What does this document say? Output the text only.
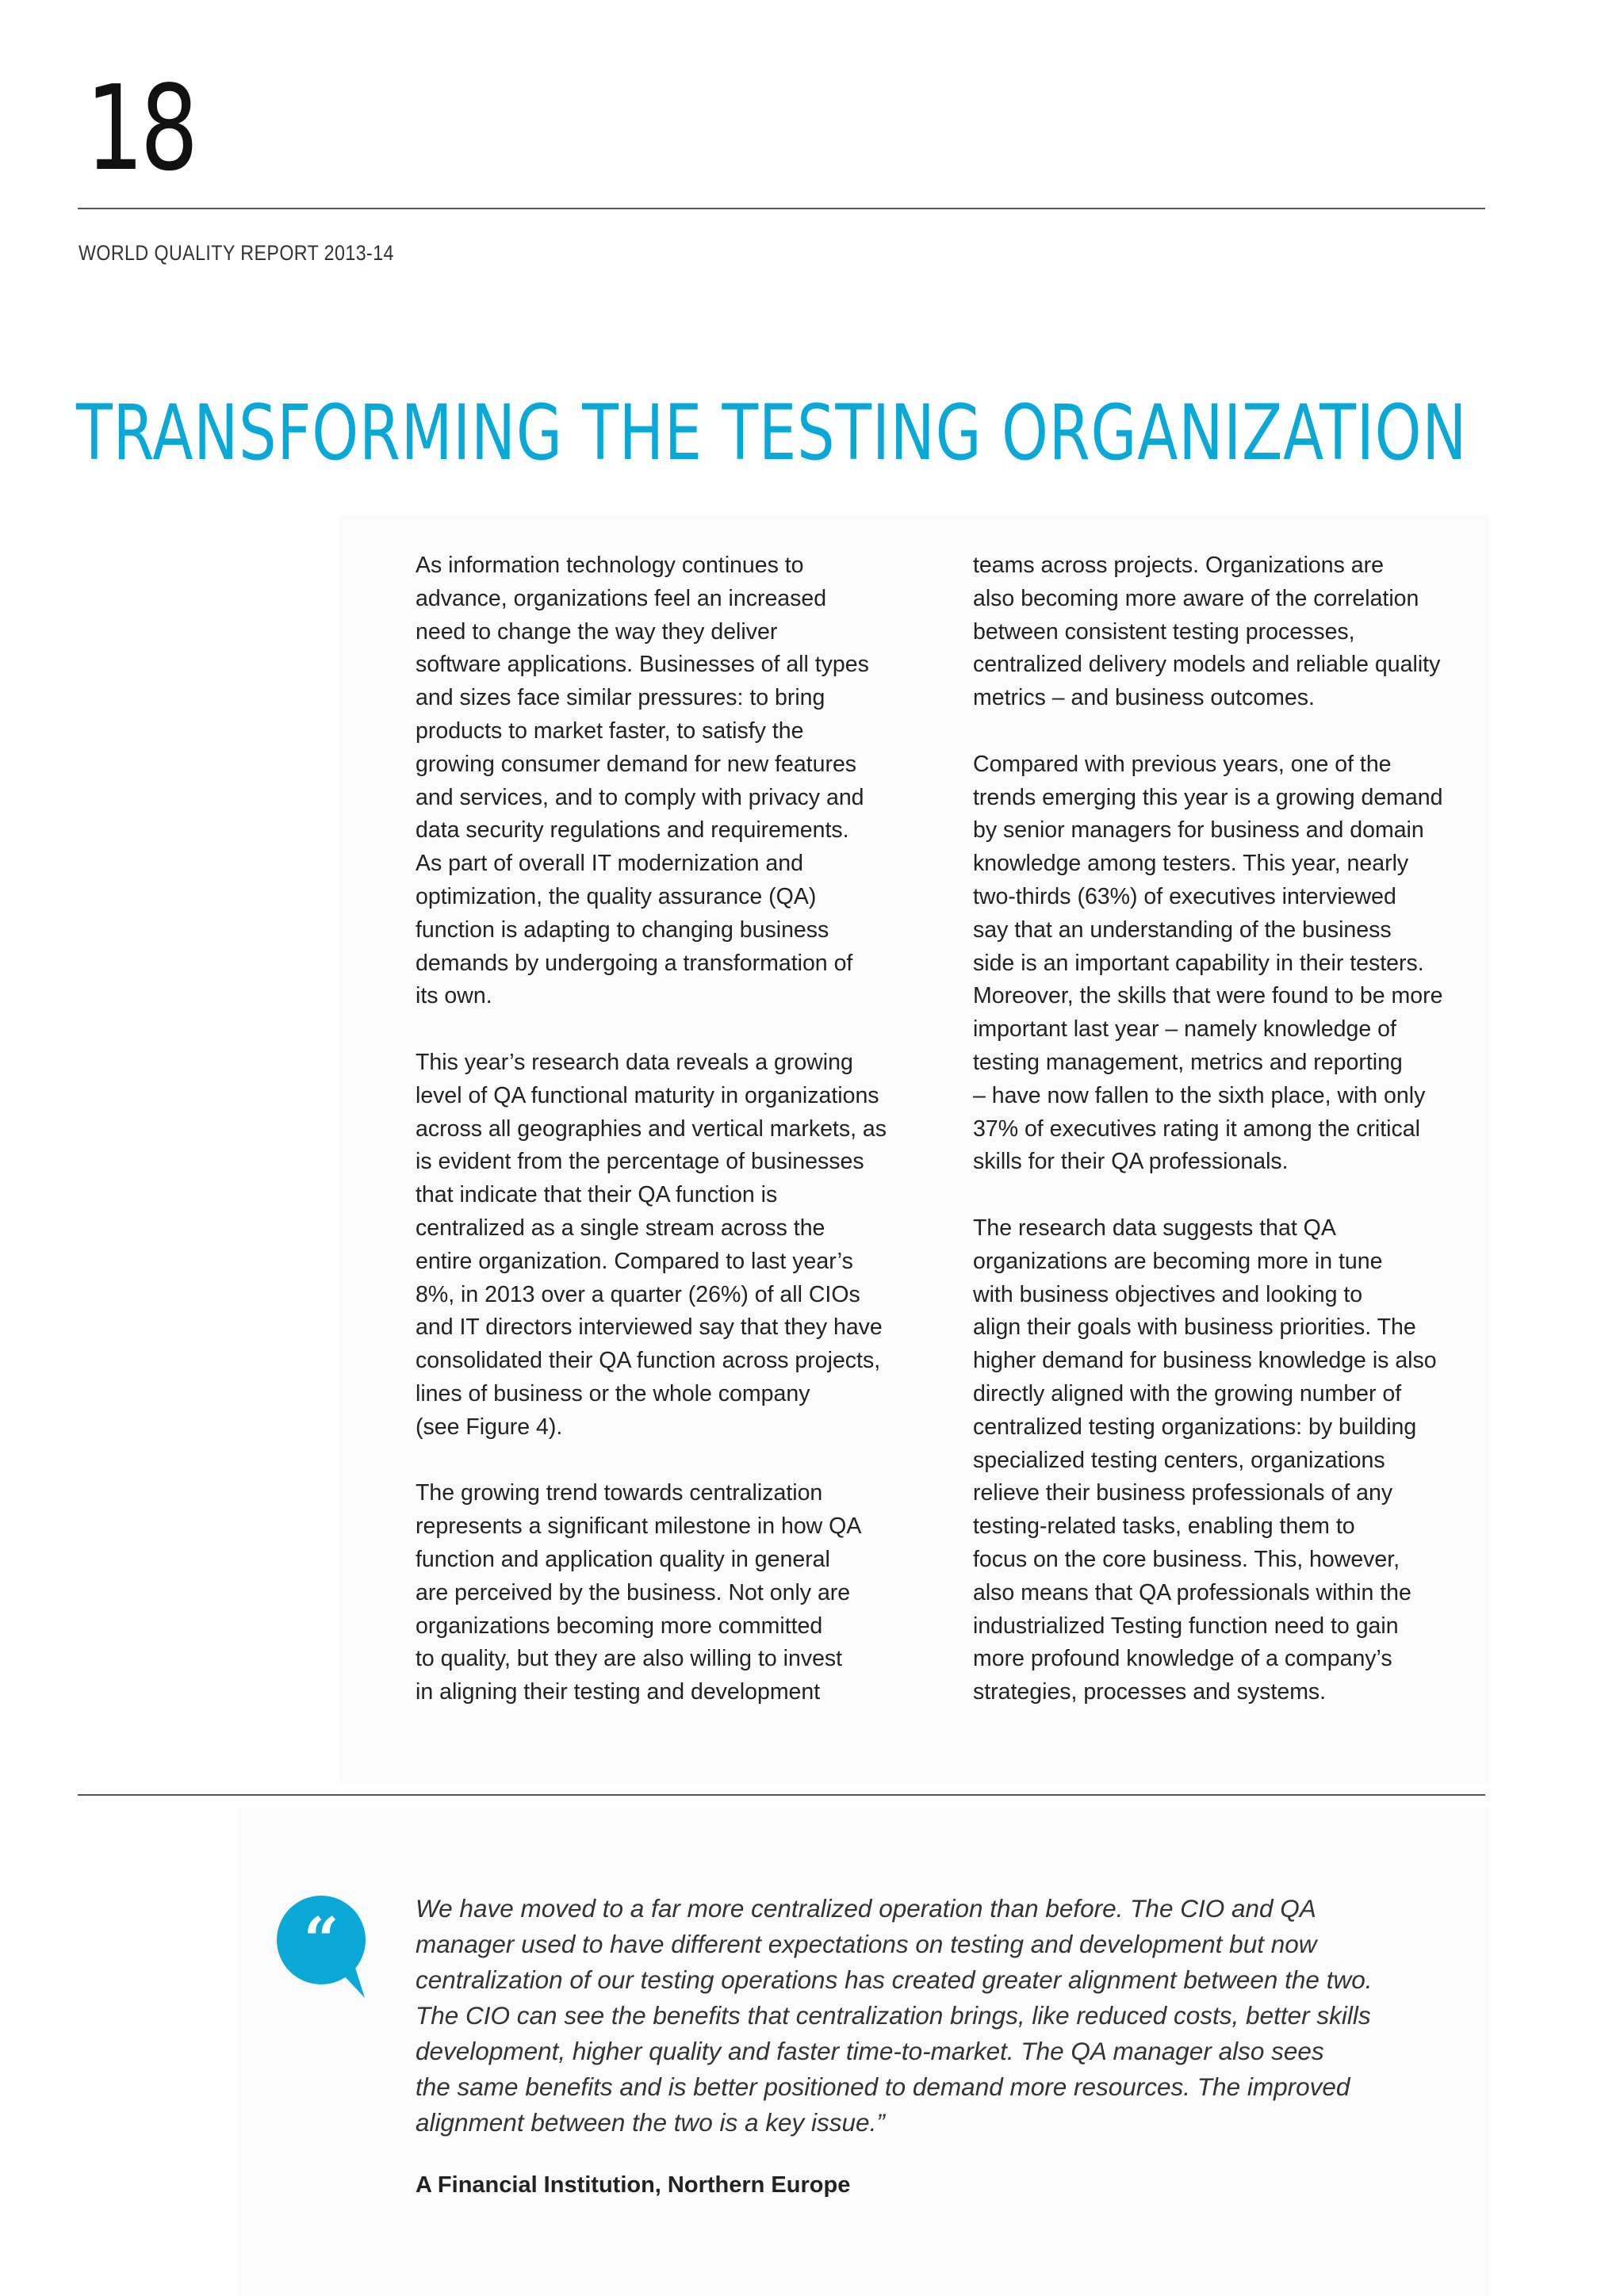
18
WORLD QUALITY REPORT 2013-14
TRANSFORMING THE TESTING ORGANIZATION

As information technology continues to
advance, organizations feel an increased
need to change the way they deliver
software applications. Businesses of all types
and sizes face similar pressures: to bring
products to market faster, to satisfy the
growing consumer demand for new features
and services, and to comply with privacy and
data security regulations and requirements.
As part of overall IT modernization and
optimization, the quality assurance (QA)
function is adapting to changing business
demands by undergoing a transformation of
its own.

This year’s research data reveals a growing
level of QA functional maturity in organizations
across all geographies and vertical markets, as
is evident from the percentage of businesses
that indicate that their QA function is
centralized as a single stream across the
entire organization. Compared to last year’s
8%, in 2013 over a quarter (26%) of all CIOs
and IT directors interviewed say that they have
consolidated their QA function across projects,
lines of business or the whole company
(see Figure 4).

The growing trend towards centralization
represents a significant milestone in how QA
function and application quality in general
are perceived by the business. Not only are
organizations becoming more committed
to quality, but they are also willing to invest
in aligning their testing and development

teams across projects. Organizations are
also becoming more aware of the correlation
between consistent testing processes,
centralized delivery models and reliable quality
metrics – and business outcomes.

Compared with previous years, one of the
trends emerging this year is a growing demand
by senior managers for business and domain
knowledge among testers. This year, nearly
two-thirds (63%) of executives interviewed
say that an understanding of the business
side is an important capability in their testers.
Moreover, the skills that were found to be more
important last year – namely knowledge of
testing management, metrics and reporting
– have now fallen to the sixth place, with only
37% of executives rating it among the critical
skills for their QA professionals.

The research data suggests that QA
organizations are becoming more in tune
with business objectives and looking to
align their goals with business priorities. The
higher demand for business knowledge is also
directly aligned with the growing number of
centralized testing organizations: by building
specialized testing centers, organizations
relieve their business professionals of any
testing-related tasks, enabling them to
focus on the core business. This, however,
also means that QA professionals within the
industrialized Testing function need to gain
more profound knowledge of a company’s
strategies, processes and systems.

“	We have moved to a far more centralized operation than before. The CIO and QA
manager used to have different expectations on testing and development but now
centralization of our testing operations has created greater alignment between the two.
The CIO can see the benefits that centralization brings, like reduced costs, better skills
development, higher quality and faster time-to-market. The QA manager also sees
the same benefits and is better positioned to demand more resources. The improved
alignment between the two is a key issue.”
A Financial Institution, Northern Europe
